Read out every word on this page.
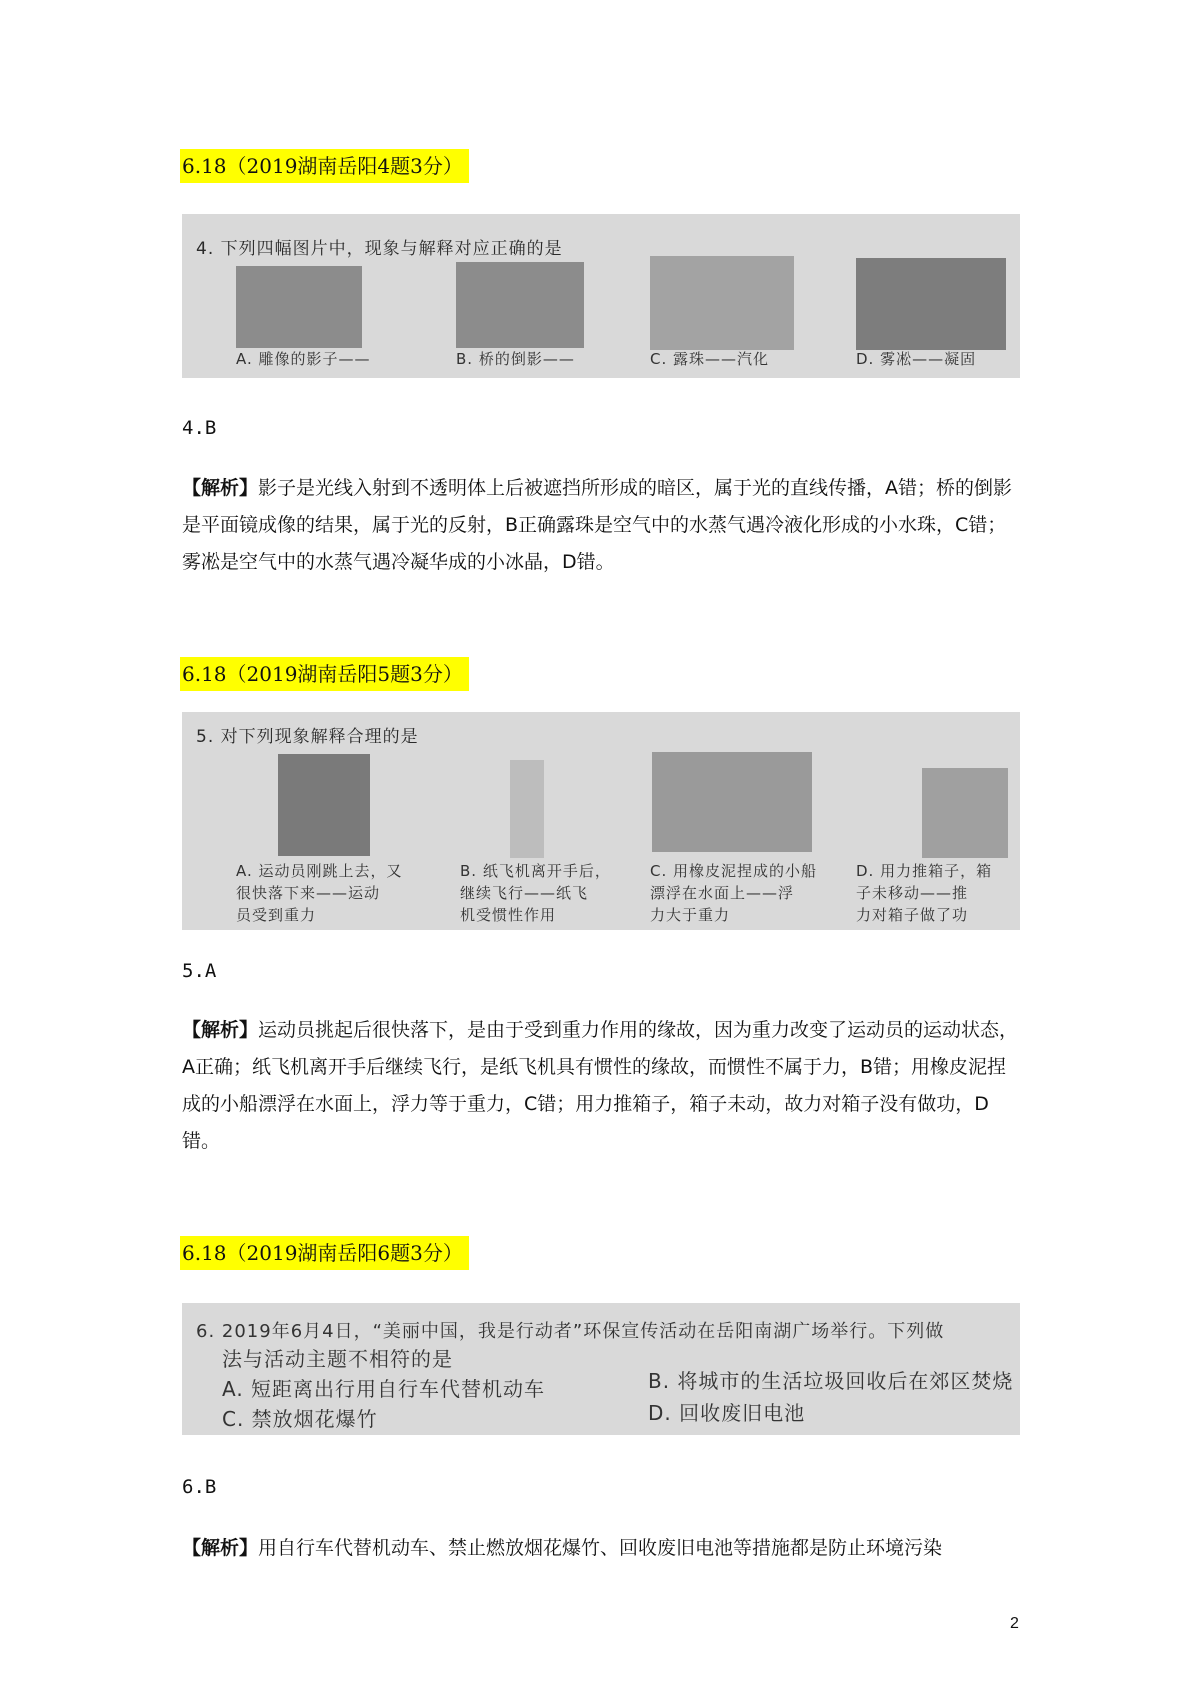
6.18（2019湖南岳阳4题3分）
4. 下列四幅图片中，现象与解释对应正确的是
A. 雕像的影子——	B. 桥的倒影——	C. 露珠——汽化	D. 雾凇——凝固
4.B
【解析】影子是光线入射到不透明体上后被遮挡所形成的暗区，属于光的直线传播，A错；桥的倒影是平面镜成像的结果，属于光的反射，B正确露珠是空气中的水蒸气遇冷液化形成的小水珠，C错；雾凇是空气中的水蒸气遇冷凝华成的小冰晶，D错。
6.18（2019湖南岳阳5题3分）
5. 对下列现象解释合理的是
A. 运动员刚跳上去，又
很快落下来——运动
员受到重力
B. 纸飞机离开手后，
继续飞行——纸飞
机受惯性作用
C. 用橡皮泥捏成的小船
漂浮在水面上——浮
力大于重力
D. 用力推箱子，箱
子未移动——推
力对箱子做了功
5.A
【解析】运动员挑起后很快落下，是由于受到重力作用的缘故，因为重力改变了运动员的运动状态，A正确；纸飞机离开手后继续飞行，是纸飞机具有惯性的缘故，而惯性不属于力，B错；用橡皮泥捏成的小船漂浮在水面上，浮力等于重力，C错；用力推箱子，箱子未动，故力对箱子没有做功，D错。
6.18（2019湖南岳阳6题3分）
6. 2019年6月4日，“美丽中国，我是行动者”环保宣传活动在岳阳南湖广场举行。下列做
法与活动主题不相符的是
A. 短距离出行用自行车代替机动车	B. 将城市的生活垃圾回收后在郊区焚烧
C. 禁放烟花爆竹	D. 回收废旧电池
6.B
【解析】用自行车代替机动车、禁止燃放烟花爆竹、回收废旧电池等措施都是防止环境污染
2
